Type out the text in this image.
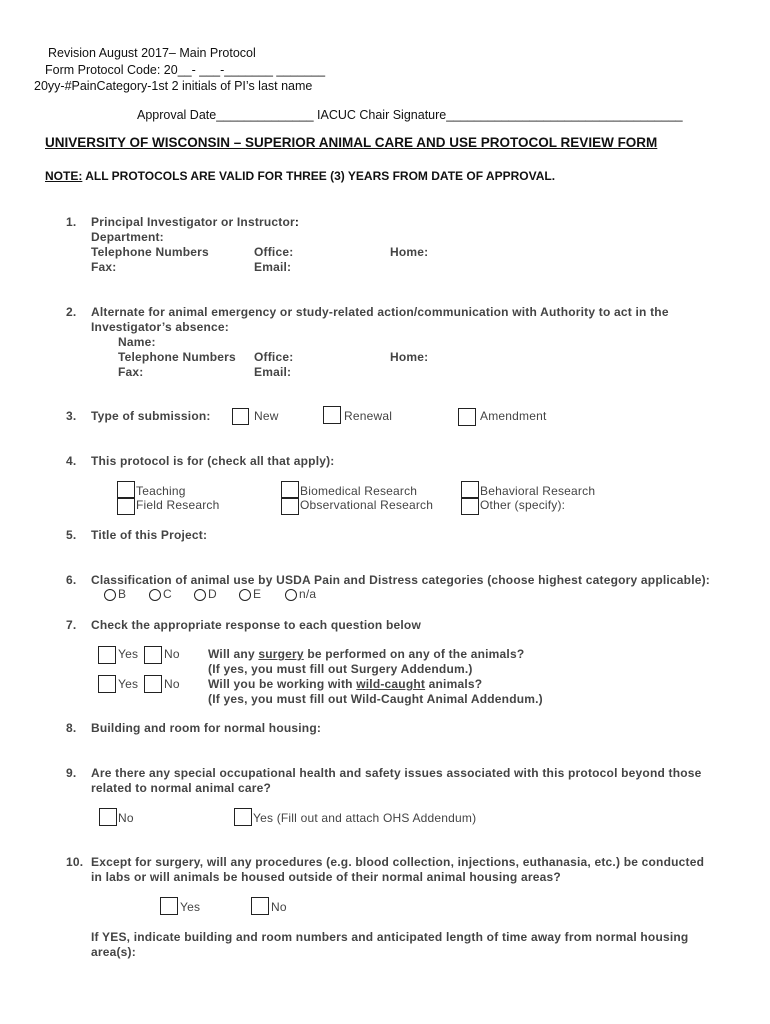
Revision August 2017– Main Protocol
Form Protocol Code: 20__- ___-_______ _______
20yy-#PainCategory-1st 2 initials of PI’s last name
Approval Date______________ IACUC Chair Signature__________________________________
UNIVERSITY OF WISCONSIN – SUPERIOR ANIMAL CARE AND USE PROTOCOL REVIEW FORM
NOTE: ALL PROTOCOLS ARE VALID FOR THREE (3) YEARS FROM DATE OF APPROVAL.
1. Principal Investigator or Instructor:
Department:
Telephone Numbers	Office:	Home:
Fax:	Email:
2. Alternate for animal emergency or study-related action/communication with Authority to act in the
Investigator’s absence:
Name:
Telephone Numbers Office:	Home:
Fax:	Email:
3. Type of submission:	New	Renewal	Amendment
4. This protocol is for (check all that apply):
Teaching	Biomedical Research	Behavioral Research
Field Research	Observational Research	Other (specify):
5. Title of this Project:
6. Classification of animal use by USDA Pain and Distress categories (choose highest category applicable):
B	C	D	E	n/a
7. Check the appropriate response to each question below
Yes No Will any surgery be performed on any of the animals?
(If yes, you must fill out Surgery Addendum.)
Yes No Will you be working with wild-caught animals?
(If yes, you must fill out Wild-Caught Animal Addendum.)
8. Building and room for normal housing:
9. Are there any special occupational health and safety issues associated with this protocol beyond those
related to normal animal care?
No	Yes (Fill out and attach OHS Addendum)
10. Except for surgery, will any procedures (e.g. blood collection, injections, euthanasia, etc.) be conducted
in labs or will animals be housed outside of their normal animal housing areas?
Yes	No
If YES, indicate building and room numbers and anticipated length of time away from normal housing
area(s):
